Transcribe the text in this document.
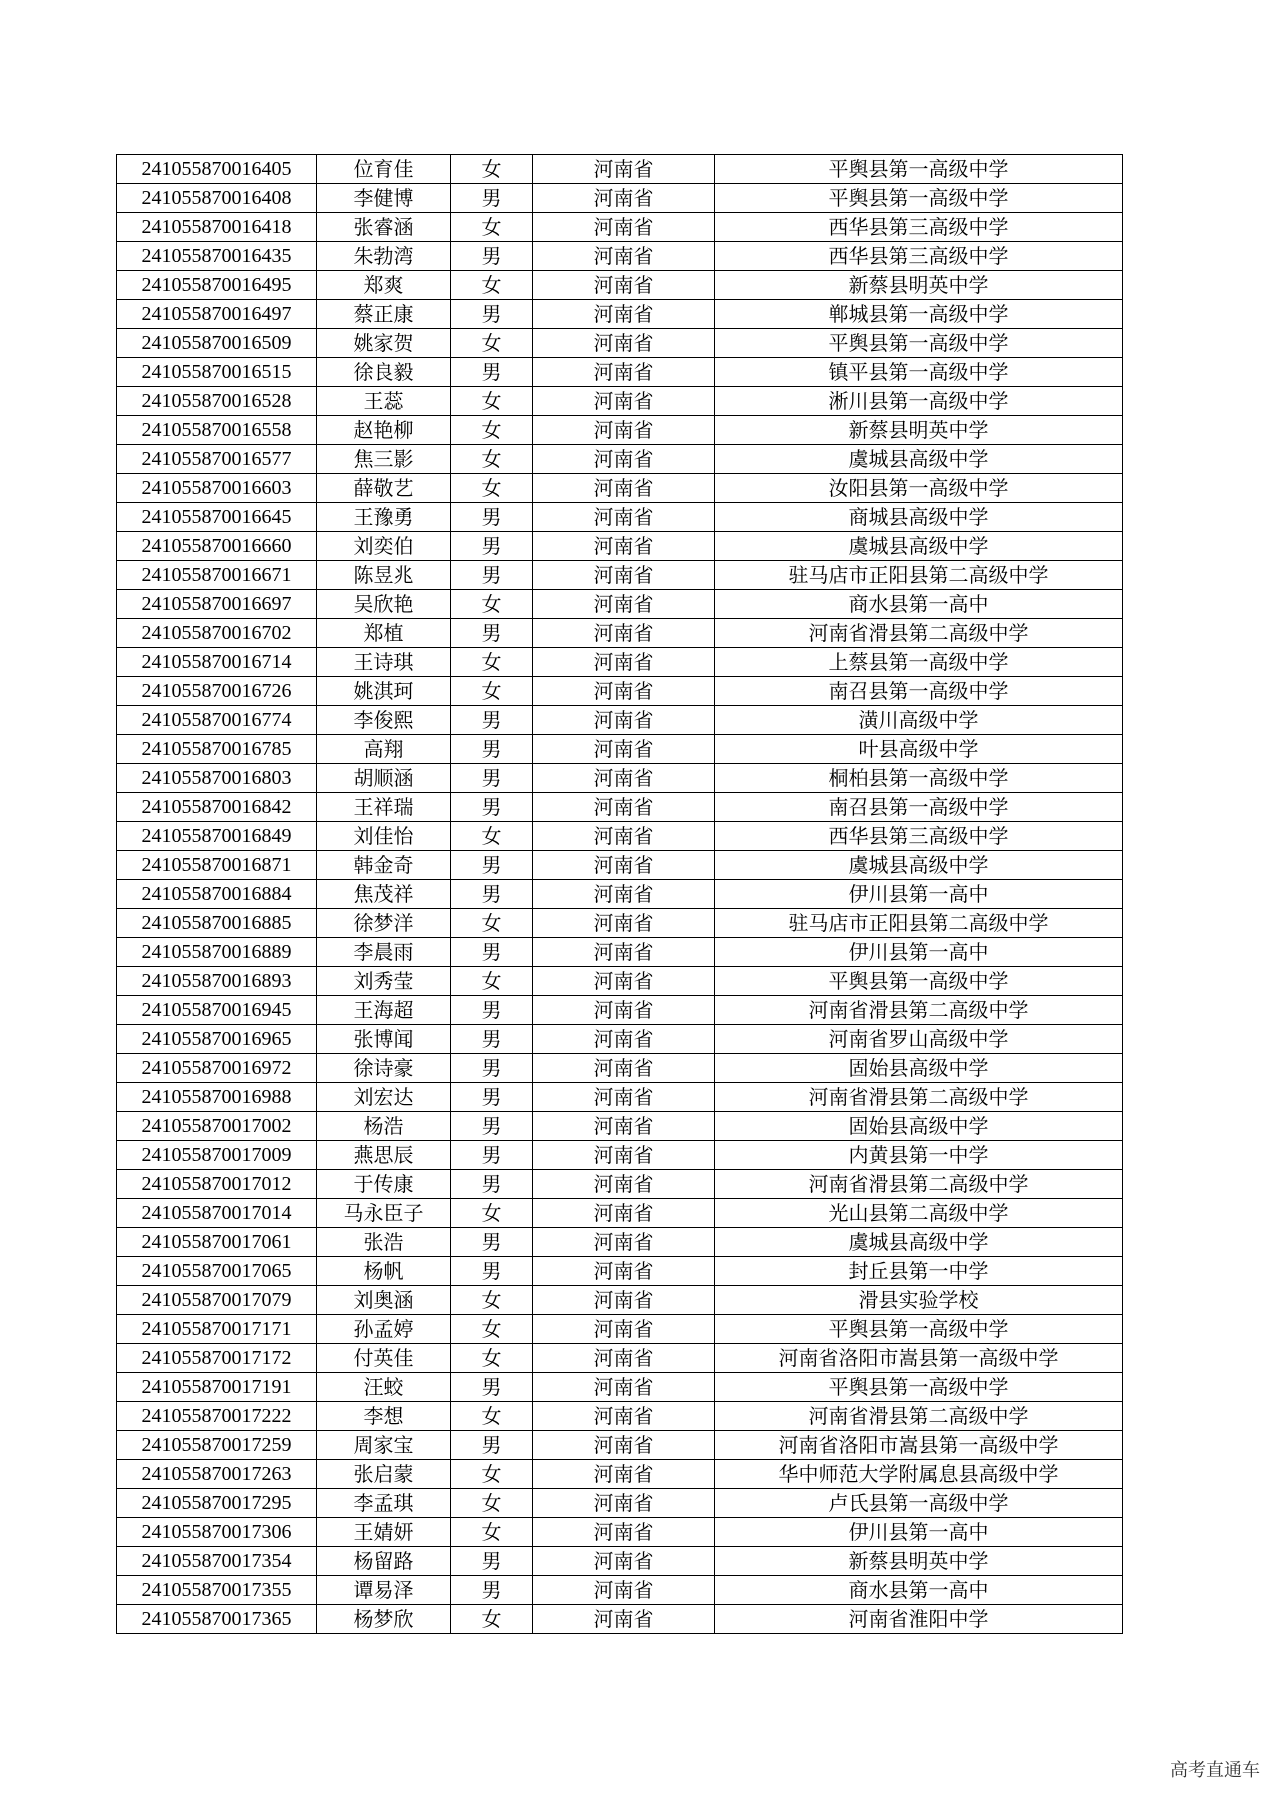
241055870016405	位育佳	女	河南省	平舆县第一高级中学
241055870016408	李健博	男	河南省	平舆县第一高级中学
241055870016418	张睿涵	女	河南省	西华县第三高级中学
241055870016435	朱勃湾	男	河南省	西华县第三高级中学
241055870016495	郑爽	女	河南省	新蔡县明英中学
241055870016497	蔡正康	男	河南省	郸城县第一高级中学
241055870016509	姚家贺	女	河南省	平舆县第一高级中学
241055870016515	徐良毅	男	河南省	镇平县第一高级中学
241055870016528	王蕊	女	河南省	淅川县第一高级中学
241055870016558	赵艳柳	女	河南省	新蔡县明英中学
241055870016577	焦三影	女	河南省	虞城县高级中学
241055870016603	薛敬艺	女	河南省	汝阳县第一高级中学
241055870016645	王豫勇	男	河南省	商城县高级中学
241055870016660	刘奕伯	男	河南省	虞城县高级中学
241055870016671	陈昱兆	男	河南省	驻马店市正阳县第二高级中学
241055870016697	吴欣艳	女	河南省	商水县第一高中
241055870016702	郑植	男	河南省	河南省滑县第二高级中学
241055870016714	王诗琪	女	河南省	上蔡县第一高级中学
241055870016726	姚淇珂	女	河南省	南召县第一高级中学
241055870016774	李俊熙	男	河南省	潢川高级中学
241055870016785	高翔	男	河南省	叶县高级中学
241055870016803	胡顺涵	男	河南省	桐柏县第一高级中学
241055870016842	王祥瑞	男	河南省	南召县第一高级中学
241055870016849	刘佳怡	女	河南省	西华县第三高级中学
241055870016871	韩金奇	男	河南省	虞城县高级中学
241055870016884	焦茂祥	男	河南省	伊川县第一高中
241055870016885	徐梦洋	女	河南省	驻马店市正阳县第二高级中学
241055870016889	李晨雨	男	河南省	伊川县第一高中
241055870016893	刘秀莹	女	河南省	平舆县第一高级中学
241055870016945	王海超	男	河南省	河南省滑县第二高级中学
241055870016965	张博闻	男	河南省	河南省罗山高级中学
241055870016972	徐诗豪	男	河南省	固始县高级中学
241055870016988	刘宏达	男	河南省	河南省滑县第二高级中学
241055870017002	杨浩	男	河南省	固始县高级中学
241055870017009	燕思辰	男	河南省	内黄县第一中学
241055870017012	于传康	男	河南省	河南省滑县第二高级中学
241055870017014	马永臣子	女	河南省	光山县第二高级中学
241055870017061	张浩	男	河南省	虞城县高级中学
241055870017065	杨帆	男	河南省	封丘县第一中学
241055870017079	刘奥涵	女	河南省	滑县实验学校
241055870017171	孙孟婷	女	河南省	平舆县第一高级中学
241055870017172	付英佳	女	河南省	河南省洛阳市嵩县第一高级中学
241055870017191	汪蛟	男	河南省	平舆县第一高级中学
241055870017222	李想	女	河南省	河南省滑县第二高级中学
241055870017259	周家宝	男	河南省	河南省洛阳市嵩县第一高级中学
241055870017263	张启蒙	女	河南省	华中师范大学附属息县高级中学
241055870017295	李孟琪	女	河南省	卢氏县第一高级中学
241055870017306	王婧妍	女	河南省	伊川县第一高中
241055870017354	杨留路	男	河南省	新蔡县明英中学
241055870017355	谭易泽	男	河南省	商水县第一高中
241055870017365	杨梦欣	女	河南省	河南省淮阳中学
高考直通车
